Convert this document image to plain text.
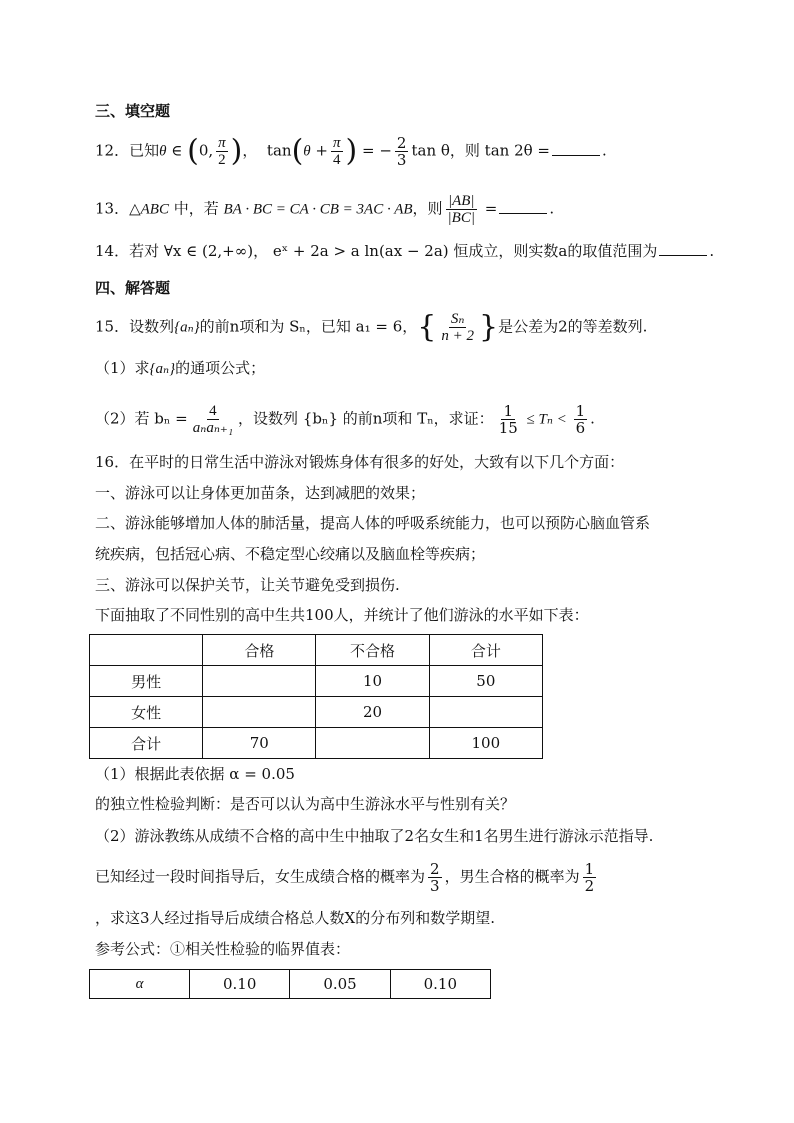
三、填空题
12．已知θ ∈ (0, $\frac{\pi}{2}$ )，  $\tan(\theta + \frac{\pi}{4}$ ) = − $\frac{2}{3}$ tan θ，则 tan 2θ =	.
13．△ABC 中，若 BA · BC = CA · CB = 3AC · AB，则 $\frac{|AB|}{|BC|}$ =	.
14．若对 ∀x ∈ (2,+∞)， eˣ + 2a > a ln(ax − 2a) 恒成立，则实数a的取值范围为	.
四、解答题
15．设数列{aₙ}的前n项和为 Sₙ，已知 a₁ = 6，{ $\frac{\text{Sₙ}}{n + 2}$ }是公差为2的等差数列.
（1）求{aₙ}的通项公式；
（2）若 $b_n = \frac{4}{\text{aₙaₙ₊₁}}$ ，设数列 {bₙ} 的前n项和 Tₙ，求证： $\frac{1}{15} \le T_n < \frac{1}{6}$ .
16．在平时的日常生活中游泳对锻炼身体有很多的好处，大致有以下几个方面：
一、游泳可以让身体更加苗条，达到减肥的效果；
二、游泳能够增加人体的肺活量，提高人体的呼吸系统能力，也可以预防心脑血管系
统疾病，包括冠心病、不稳定型心绞痛以及脑血栓等疾病；
三、游泳可以保护关节，让关节避免受到损伤.
下面抽取了不同性别的高中生共100人，并统计了他们游泳的水平如下表：
	合格	不合格	合计
男性		10	50
女性		20	
合计	70		100
（1）根据此表依据 α = 0.05
的独立性检验判断：是否可以认为高中生游泳水平与性别有关？
（2）游泳教练从成绩不合格的高中生中抽取了2名女生和1名男生进行游泳示范指导.
已知经过一段时间指导后，女生成绩合格的概率为 $\frac{2}{3}$ ，男生合格的概率为 $\frac{1}{2}$
，求这3人经过指导后成绩合格总人数X的分布列和数学期望.
参考公式：①相关性检验的临界值表：
α	0.10	0.05	0.10
